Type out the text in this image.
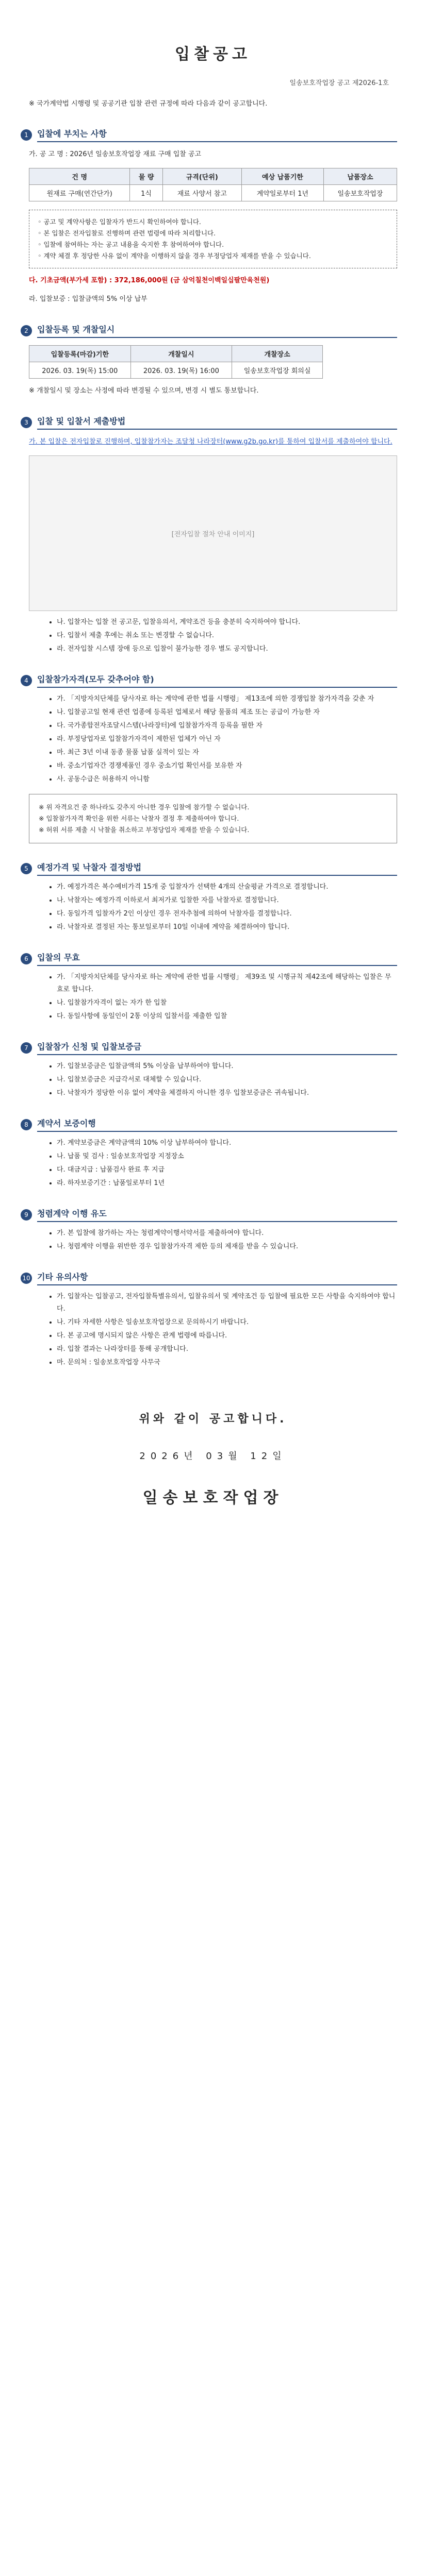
입찰공고
일송보호작업장 공고 제2026-1호
※ 국가계약법 시행령 및 공공기관 입찰 관련 규정에 따라 다음과 같이 공고합니다.
1	입찰에 부치는 사항
가. 공 고 명 : 2026년 일송보호작업장 재료 구매 입찰 공고
건 명	물 량	규격(단위)	예상 납품기한	납품장소
원재료 구매(연간단가)	1식	재료 사양서 참고	계약일로부터 1년	일송보호작업장
◦ 공고 및 계약사항은 입찰자가 반드시 확인하여야 합니다.
◦ 본 입찰은 전자입찰로 진행하며 관련 법령에 따라 처리합니다.
◦ 입찰에 참여하는 자는 공고 내용을 숙지한 후 참여하여야 합니다.
◦ 계약 체결 후 정당한 사유 없이 계약을 이행하지 않을 경우 부정당업자 제재를 받을 수 있습니다.
다. 기초금액(부가세 포함) : 372,186,000원 (금 삼억칠천이백일십팔만육천원)
라. 입찰보증 : 입찰금액의 5% 이상 납부
2	입찰등록 및 개찰일시
입찰등록(마감)기한	개찰일시	개찰장소
2026. 03. 19(목) 15:00	2026. 03. 19(목) 16:00	일송보호작업장 회의실
※ 개찰일시 및 장소는 사정에 따라 변경될 수 있으며, 변경 시 별도 통보합니다.
3	입찰 및 입찰서 제출방법
가. 본 입찰은 전자입찰로 진행하며, 입찰참가자는 조달청 나라장터(www.g2b.go.kr)를 통하여 입찰서를 제출하여야 합니다.
[전자입찰 절차 안내 이미지]
• 나. 입찰자는 입찰 전 공고문, 입찰유의서, 계약조건 등을 충분히 숙지하여야 합니다.
• 다. 입찰서 제출 후에는 취소 또는 변경할 수 없습니다.
• 라. 전자입찰 시스템 장애 등으로 입찰이 불가능한 경우 별도 공지합니다.
4	입찰참가자격(모두 갖추어야 함)
• 가. 「지방자치단체를 당사자로 하는 계약에 관한 법률 시행령」 제13조에 의한 경쟁입찰 참가자격을 갖춘 자
• 나. 입찰공고일 현재 관련 업종에 등록된 업체로서 해당 물품의 제조 또는 공급이 가능한 자
• 다. 국가종합전자조달시스템(나라장터)에 입찰참가자격 등록을 필한 자
• 라. 부정당업자로 입찰참가자격이 제한된 업체가 아닌 자
• 마. 최근 3년 이내 동종 물품 납품 실적이 있는 자
• 바. 중소기업자간 경쟁제품인 경우 중소기업 확인서를 보유한 자
• 사. 공동수급은 허용하지 아니함
※ 위 자격요건 중 하나라도 갖추지 아니한 경우 입찰에 참가할 수 없습니다.
※ 입찰참가자격 확인을 위한 서류는 낙찰자 결정 후 제출하여야 합니다.
※ 허위 서류 제출 시 낙찰을 취소하고 부정당업자 제재를 받을 수 있습니다.
5	예정가격 및 낙찰자 결정방법
• 가. 예정가격은 복수예비가격 15개 중 입찰자가 선택한 4개의 산술평균 가격으로 결정합니다.
• 나. 낙찰자는 예정가격 이하로서 최저가로 입찰한 자를 낙찰자로 결정합니다.
• 다. 동일가격 입찰자가 2인 이상인 경우 전자추첨에 의하여 낙찰자를 결정합니다.
• 라. 낙찰자로 결정된 자는 통보일로부터 10일 이내에 계약을 체결하여야 합니다.
6	입찰의 무효
• 가. 「지방자치단체를 당사자로 하는 계약에 관한 법률 시행령」 제39조 및 시행규칙 제42조에 해당하는 입찰은 무효로 합니다.
• 나. 입찰참가자격이 없는 자가 한 입찰
• 다. 동일사항에 동일인이 2통 이상의 입찰서를 제출한 입찰
7	입찰참가 신청 및 입찰보증금
• 가. 입찰보증금은 입찰금액의 5% 이상을 납부하여야 합니다.
• 나. 입찰보증금은 지급각서로 대체할 수 있습니다.
• 다. 낙찰자가 정당한 이유 없이 계약을 체결하지 아니한 경우 입찰보증금은 귀속됩니다.
8	계약서 보증이행
• 가. 계약보증금은 계약금액의 10% 이상 납부하여야 합니다.
• 나. 납품 및 검사 : 일송보호작업장 지정장소
• 다. 대금지급 : 납품검사 완료 후 지급
• 라. 하자보증기간 : 납품일로부터 1년
9	청렴계약 이행 유도
• 가. 본 입찰에 참가하는 자는 청렴계약이행서약서를 제출하여야 합니다.
• 나. 청렴계약 이행을 위반한 경우 입찰참가자격 제한 등의 제재를 받을 수 있습니다.
10 기타 유의사항
• 가. 입찰자는 입찰공고, 전자입찰특별유의서, 입찰유의서 및 계약조건 등 입찰에 필요한 모든 사항을 숙지하여야 합니다.
• 나. 기타 자세한 사항은 일송보호작업장으로 문의하시기 바랍니다.
• 다. 본 공고에 명시되지 않은 사항은 관계 법령에 따릅니다.
• 라. 입찰 결과는 나라장터를 통해 공개합니다.
• 마. 문의처 : 일송보호작업장 사무국
위와 같이 공고합니다.
2026년 03월 12일
일송보호작업장
